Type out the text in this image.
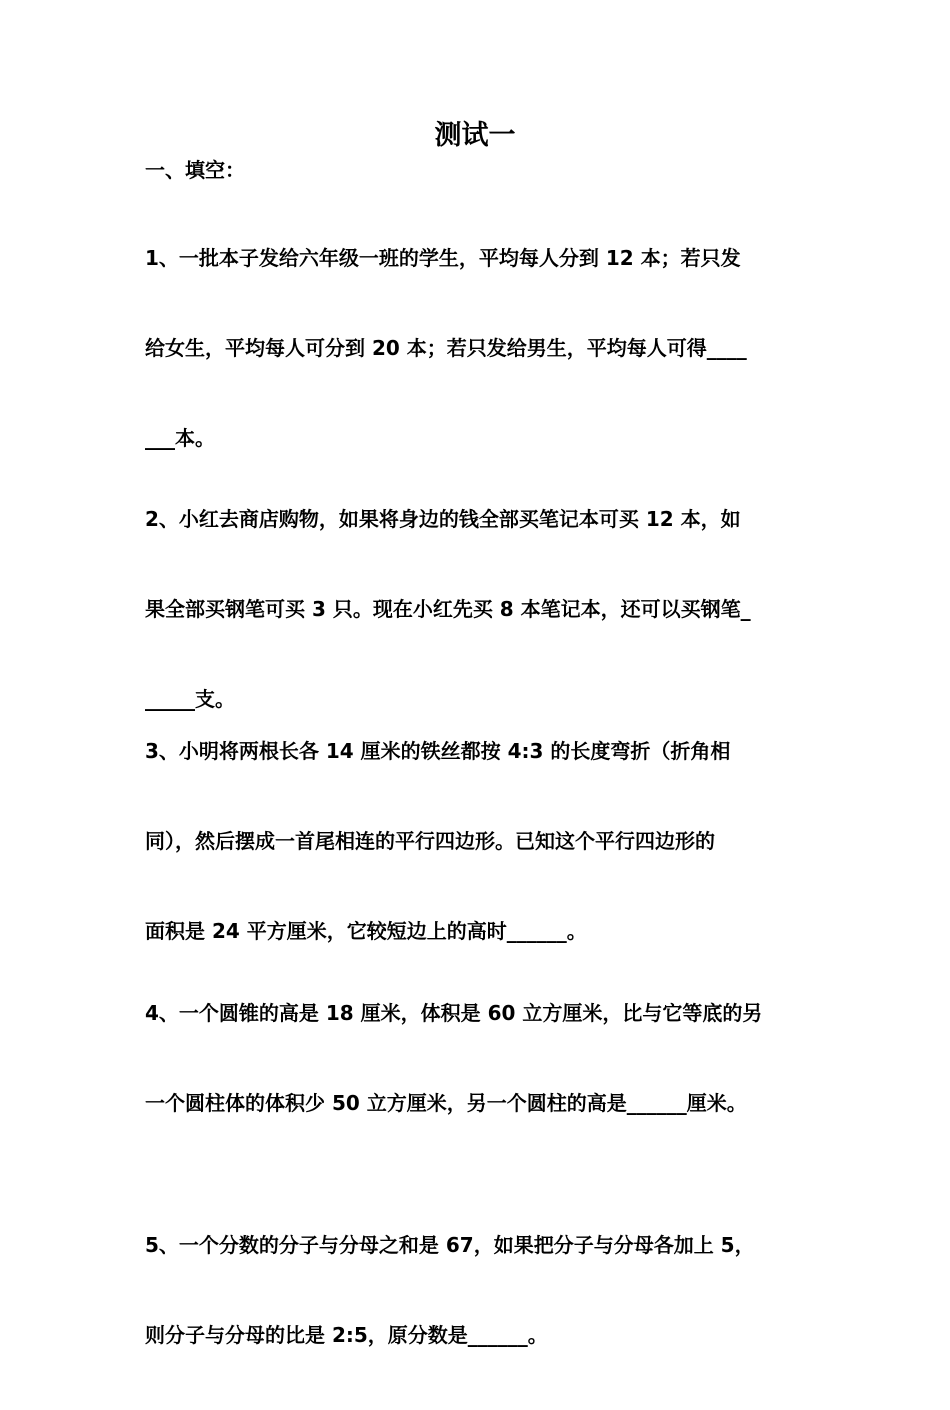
测试一
一、填空：

1、一批本子发给六年级一班的学生，平均每人分到 12 本；若只发

给女生，平均每人可分到 20 本；若只发给男生，平均每人可得____

___本。

2、小红去商店购物，如果将身边的钱全部买笔记本可买 12 本，如

果全部买钢笔可买 3 只。现在小红先买 8 本笔记本，还可以买钢笔_

_____支。

3、小明将两根长各 14 厘米的铁丝都按 4:3 的长度弯折（折角相

同），然后摆成一首尾相连的平行四边形。已知这个平行四边形的

面积是 24 平方厘米，它较短边上的高时______。

4、一个圆锥的高是 18 厘米，体积是 60 立方厘米，比与它等底的另

一个圆柱体的体积少 50 立方厘米，另一个圆柱的高是______厘米。

5、一个分数的分子与分母之和是 67，如果把分子与分母各加上 5，

则分子与分母的比是 2:5，原分数是______。
